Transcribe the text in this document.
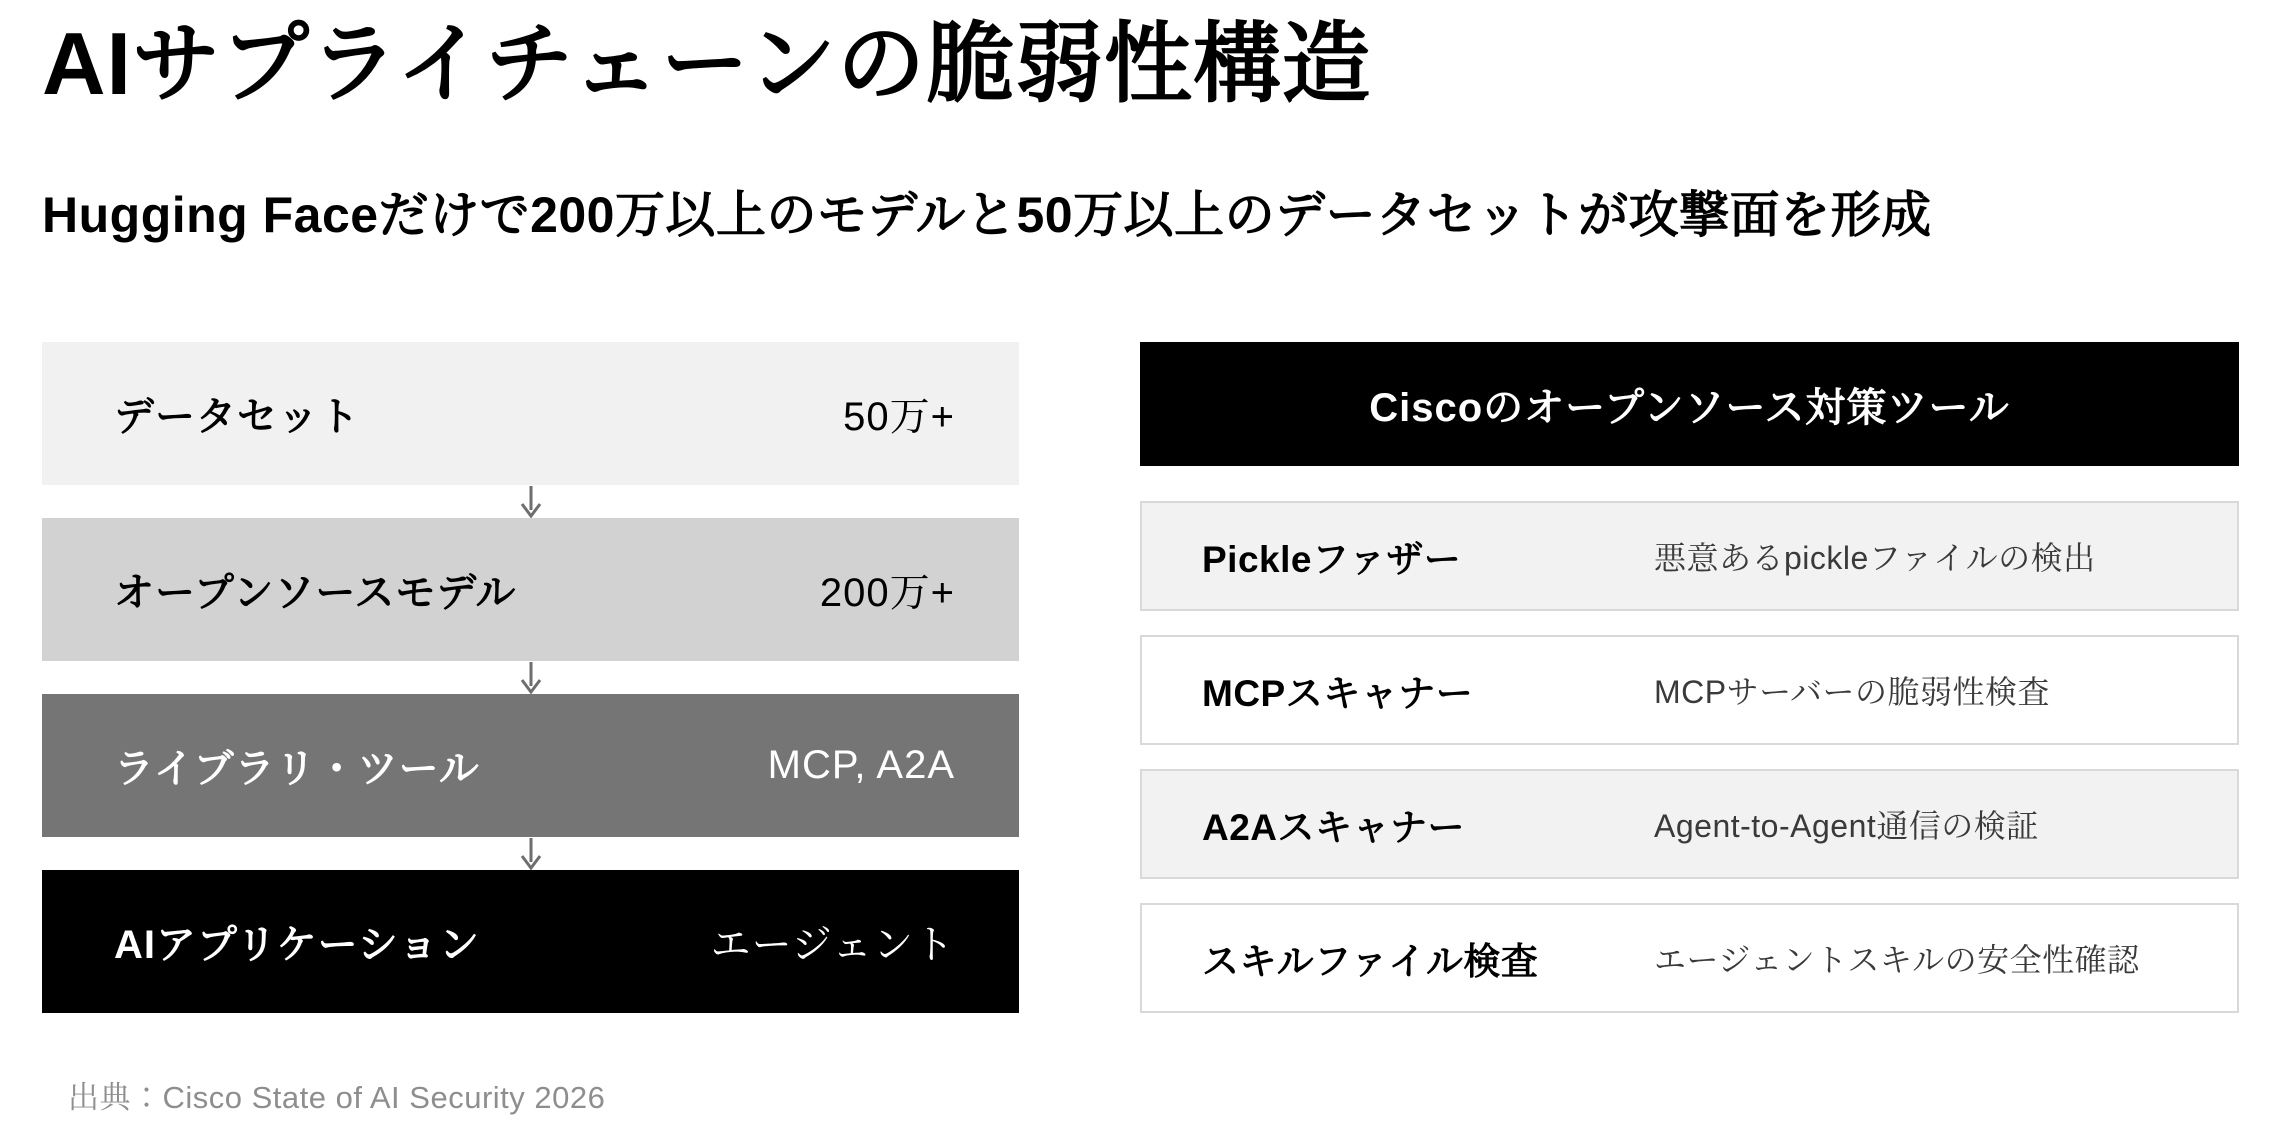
AIサプライチェーンの脆弱性構造
Hugging Faceだけで200万以上のモデルと50万以上のデータセットが攻撃面を形成
データセット	50万+
オープンソースモデル	200万+
ライブラリ・ツール	MCP, A2A
AIアプリケーション	エージェント
Ciscoのオープンソース対策ツール
Pickleファザー	悪意あるpickleファイルの検出
MCPスキャナー	MCPサーバーの脆弱性検査
A2Aスキャナー	Agent-to-Agent通信の検証
スキルファイル検査	エージェントスキルの安全性確認
出典：Cisco State of AI Security 2026
